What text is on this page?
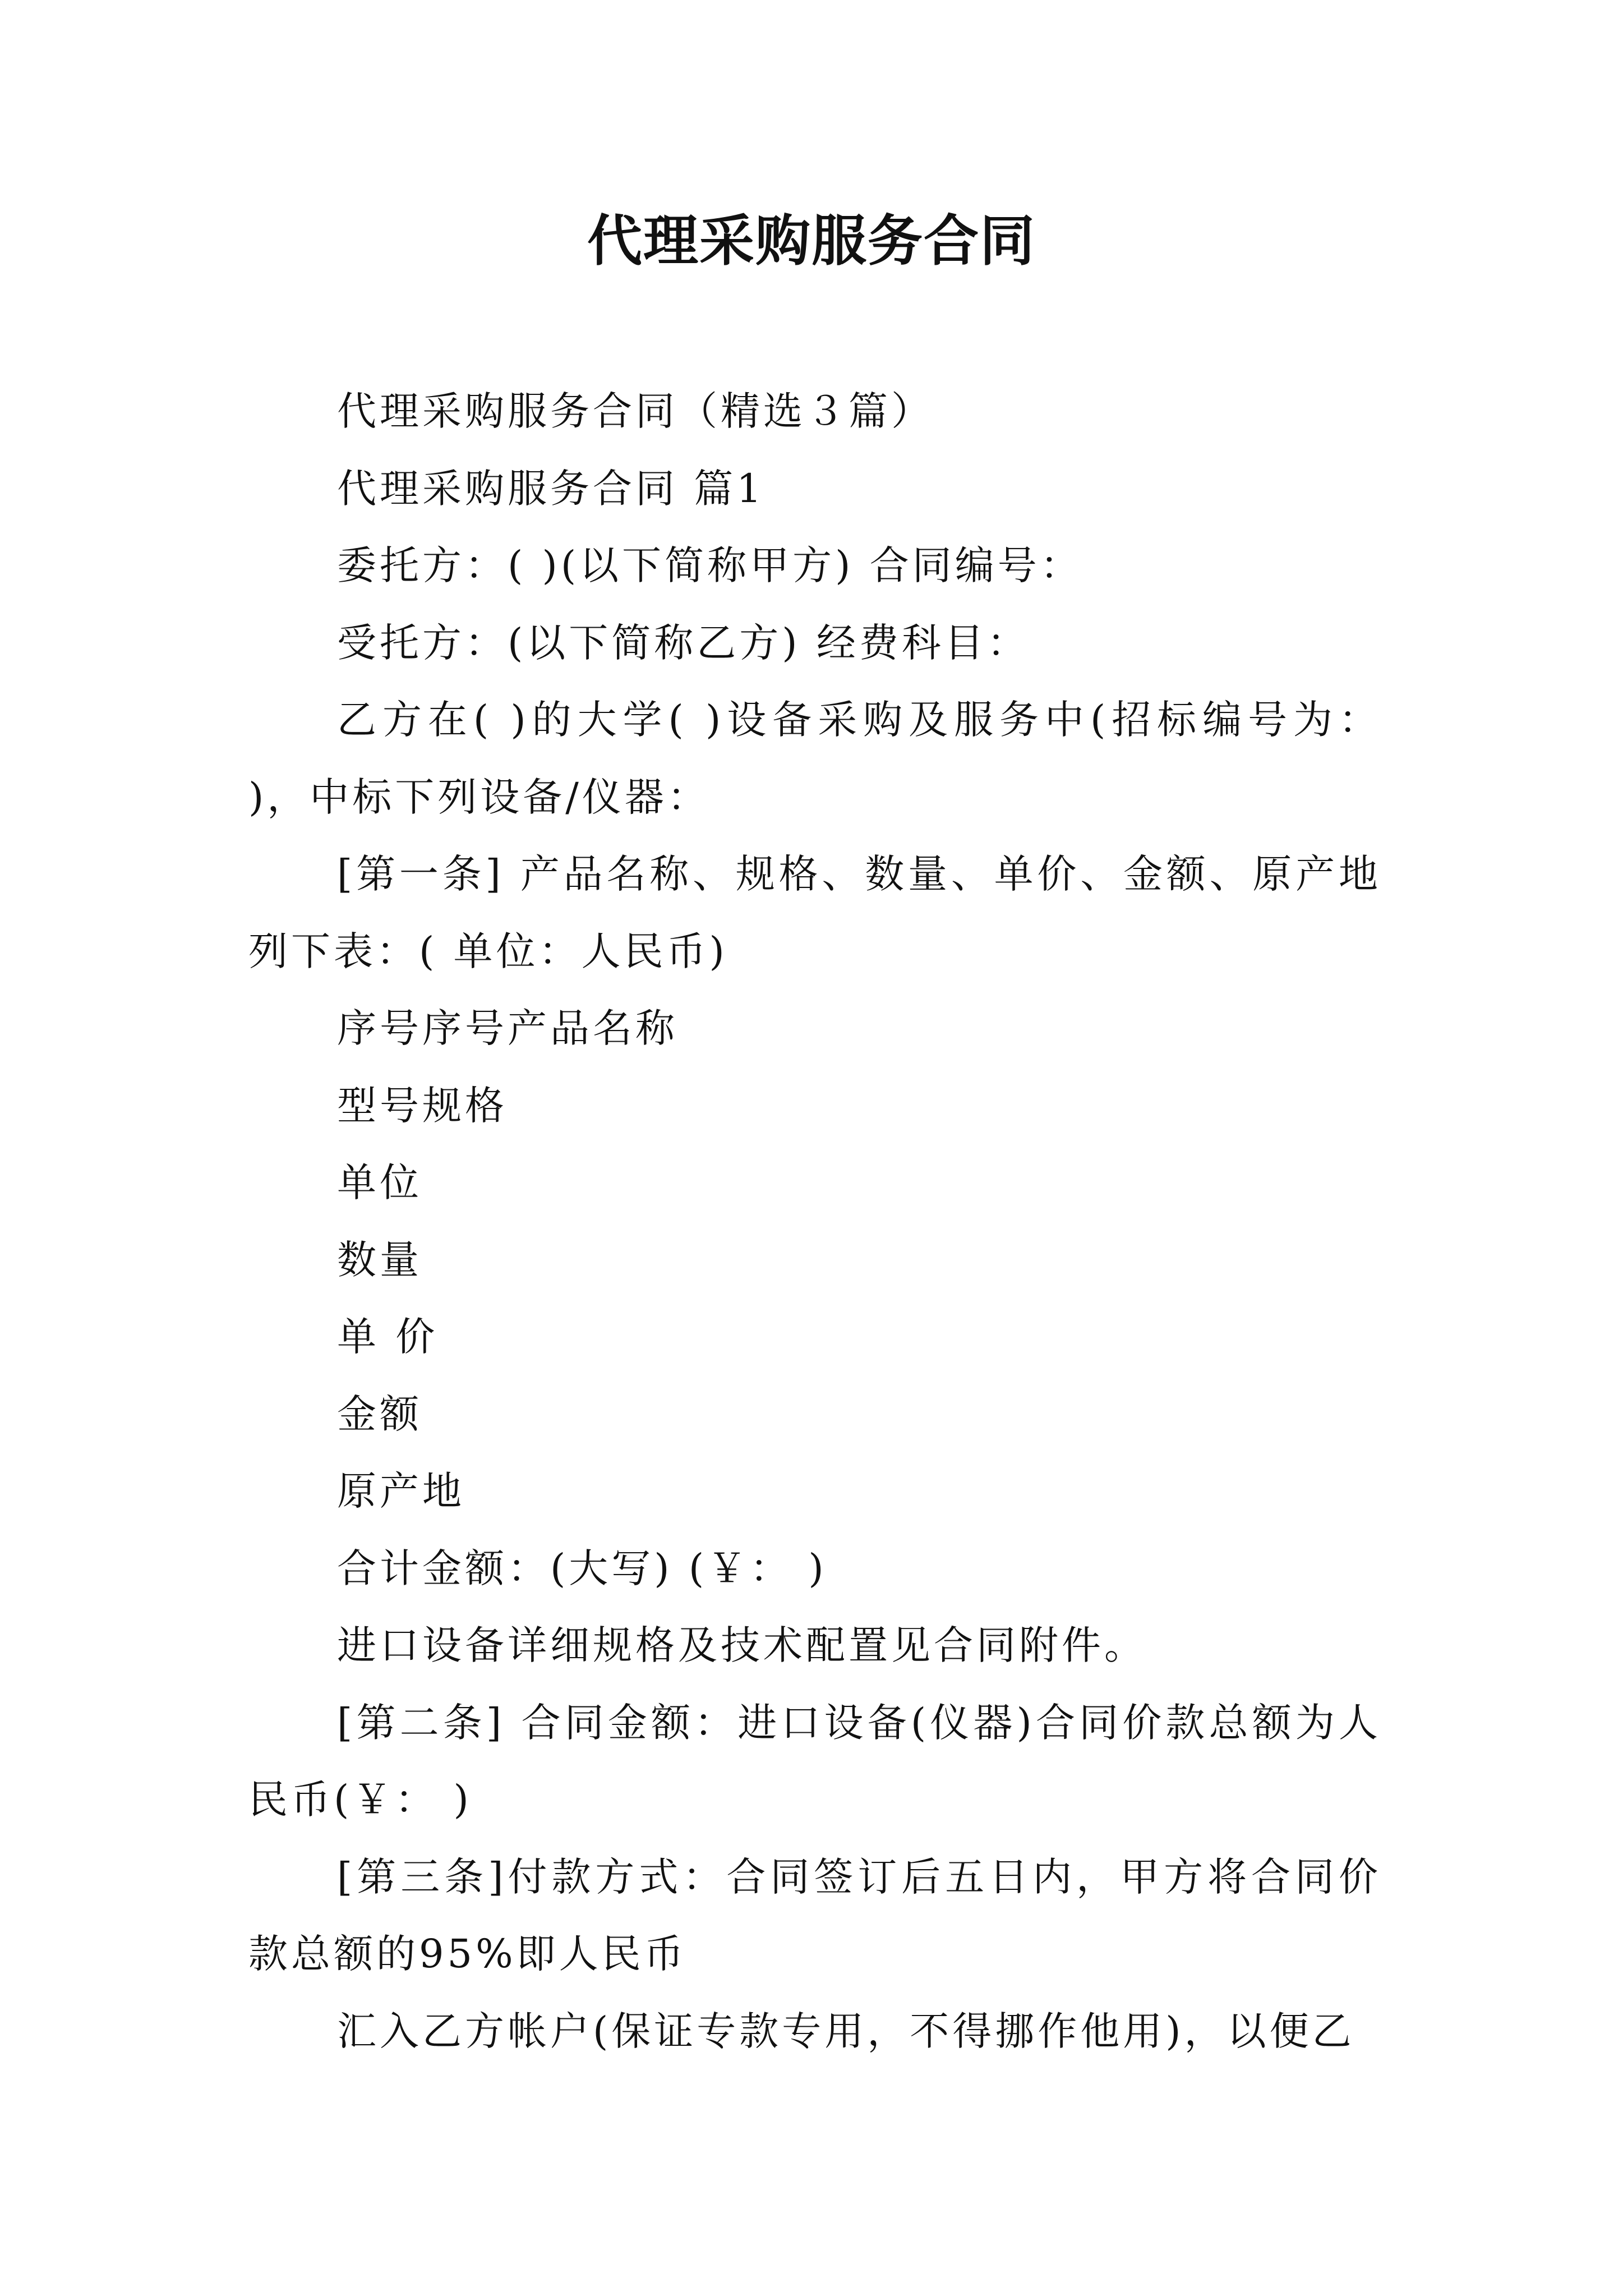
代理采购服务合同

代理采购服务合同（精选３篇）

代理采购服务合同 篇1

委托方：( )(以下简称甲方) 合同编号：

受托方：(以下简称乙方) 经费科目：

乙方在( )的大学( )设备采购及服务中(招标编号为： )，中标下列设备/仪器：

[第一条] 产品名称、规格、数量、单价、金额、原产地列下表：( 单位：人民币)

序号序号产品名称

型号规格

单位

数量

单 价

金额

原产地

合计金额：(大写) (￥： )

进口设备详细规格及技术配置见合同附件。

[第二条] 合同金额：进口设备(仪器)合同价款总额为人民币(￥： )

[第三条]付款方式：合同签订后五日内，甲方将合同价款总额的95%即人民币

汇入乙方帐户(保证专款专用，不得挪作他用)，以便乙
